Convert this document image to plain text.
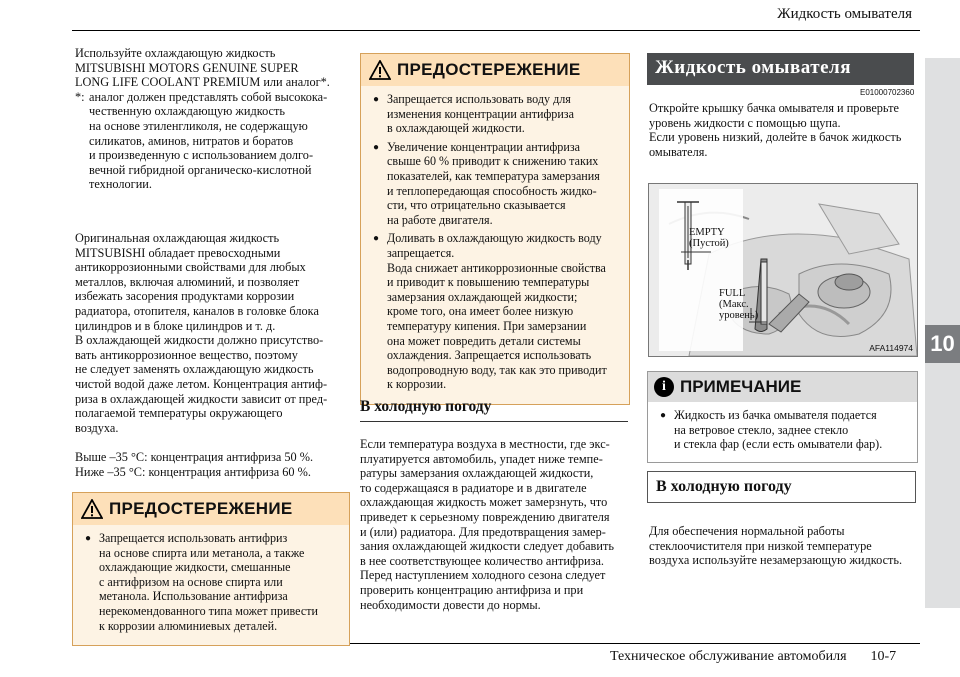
Жидкость омывателя
10
Техническое обслуживание автомобиля 10-7
Используйте охлаждающую жидкость
MITSUBISHI MOTORS GENUINE SUPER
LONG LIFE COOLANT PREMIUM или аналог*.
*: аналог должен представлять собой высокока-
чественную охлаждающую жидкость
на основе этиленгликоля, не содержащую
силикатов, аминов, нитратов и боратов
и произведенную с использованием долго-
вечной гибридной органическо-кислотной
технологии.
Оригинальная охлаждающая жидкость
MITSUBISHI обладает превосходными
антикоррозионными свойствами для любых
металлов, включая алюминий, и позволяет
избежать засорения продуктами коррозии
радиатора, отопителя, каналов в головке блока
цилиндров и в блоке цилиндров и т. д.
В охлаждающей жидкости должно присутство-
вать антикоррозионное вещество, поэтому
не следует заменять охлаждающую жидкость
чистой водой даже летом. Концентрация антиф-
риза в охлаждающей жидкости зависит от пред-
полагаемой температуры окружающего
воздуха.
Выше –35 °C: концентрация антифриза 50 %.
Ниже –35 °C: концентрация антифриза 60 %.
ПРЕДОСТЕРЕЖЕНИЕ
● Запрещается использовать антифриз
на основе спирта или метанола, а также
охлаждающие жидкости, смешанные
с антифризом на основе спирта или
метанола. Использование антифриза
нерекомендованного типа может привести
к коррозии алюминиевых деталей.
ПРЕДОСТЕРЕЖЕНИЕ
● Запрещается использовать воду для
изменения концентрации антифриза
в охлаждающей жидкости.
● Увеличение концентрации антифриза
свыше 60 % приводит к снижению таких
показателей, как температура замерзания
и теплопередающая способность жидко-
сти, что отрицательно сказывается
на работе двигателя.
● Доливать в охлаждающую жидкость воду
запрещается.
Вода снижает антикоррозионные свойства
и приводит к повышению температуры
замерзания охлаждающей жидкости;
кроме того, она имеет более низкую
температуру кипения. При замерзании
она может повредить детали системы
охлаждения. Запрещается использовать
водопроводную воду, так как это приводит
к коррозии.
В холодную погоду
Если температура воздуха в местности, где экс-
плуатируется автомобиль, упадет ниже темпе-
ратуры замерзания охлаждающей жидкости,
то содержащаяся в радиаторе и в двигателе
охлаждающая жидкость может замерзнуть, что
приведет к серьезному повреждению двигателя
и (или) радиатора. Для предотвращения замер-
зания охлаждающей жидкости следует добавить
в нее соответствующее количество антифриза.
Перед наступлением холодного сезона следует
проверить концентрацию антифриза и при
необходимости довести до нормы.
Жидкость омывателя
E01000702360
Откройте крышку бачка омывателя и проверьте
уровень жидкости с помощью щупа.
Если уровень низкий, долейте в бачок жидкость
омывателя.
EMPTY
(Пустой)
FULL
(Макс.
уровень)
AFA114974
i ПРИМЕЧАНИЕ
● Жидкость из бачка омывателя подается
на ветровое стекло, заднее стекло
и стекла фар (если есть омыватели фар).
В холодную погоду
Для обеспечения нормальной работы
стеклоочистителя при низкой температуре
воздуха используйте незамерзающую жидкость.
